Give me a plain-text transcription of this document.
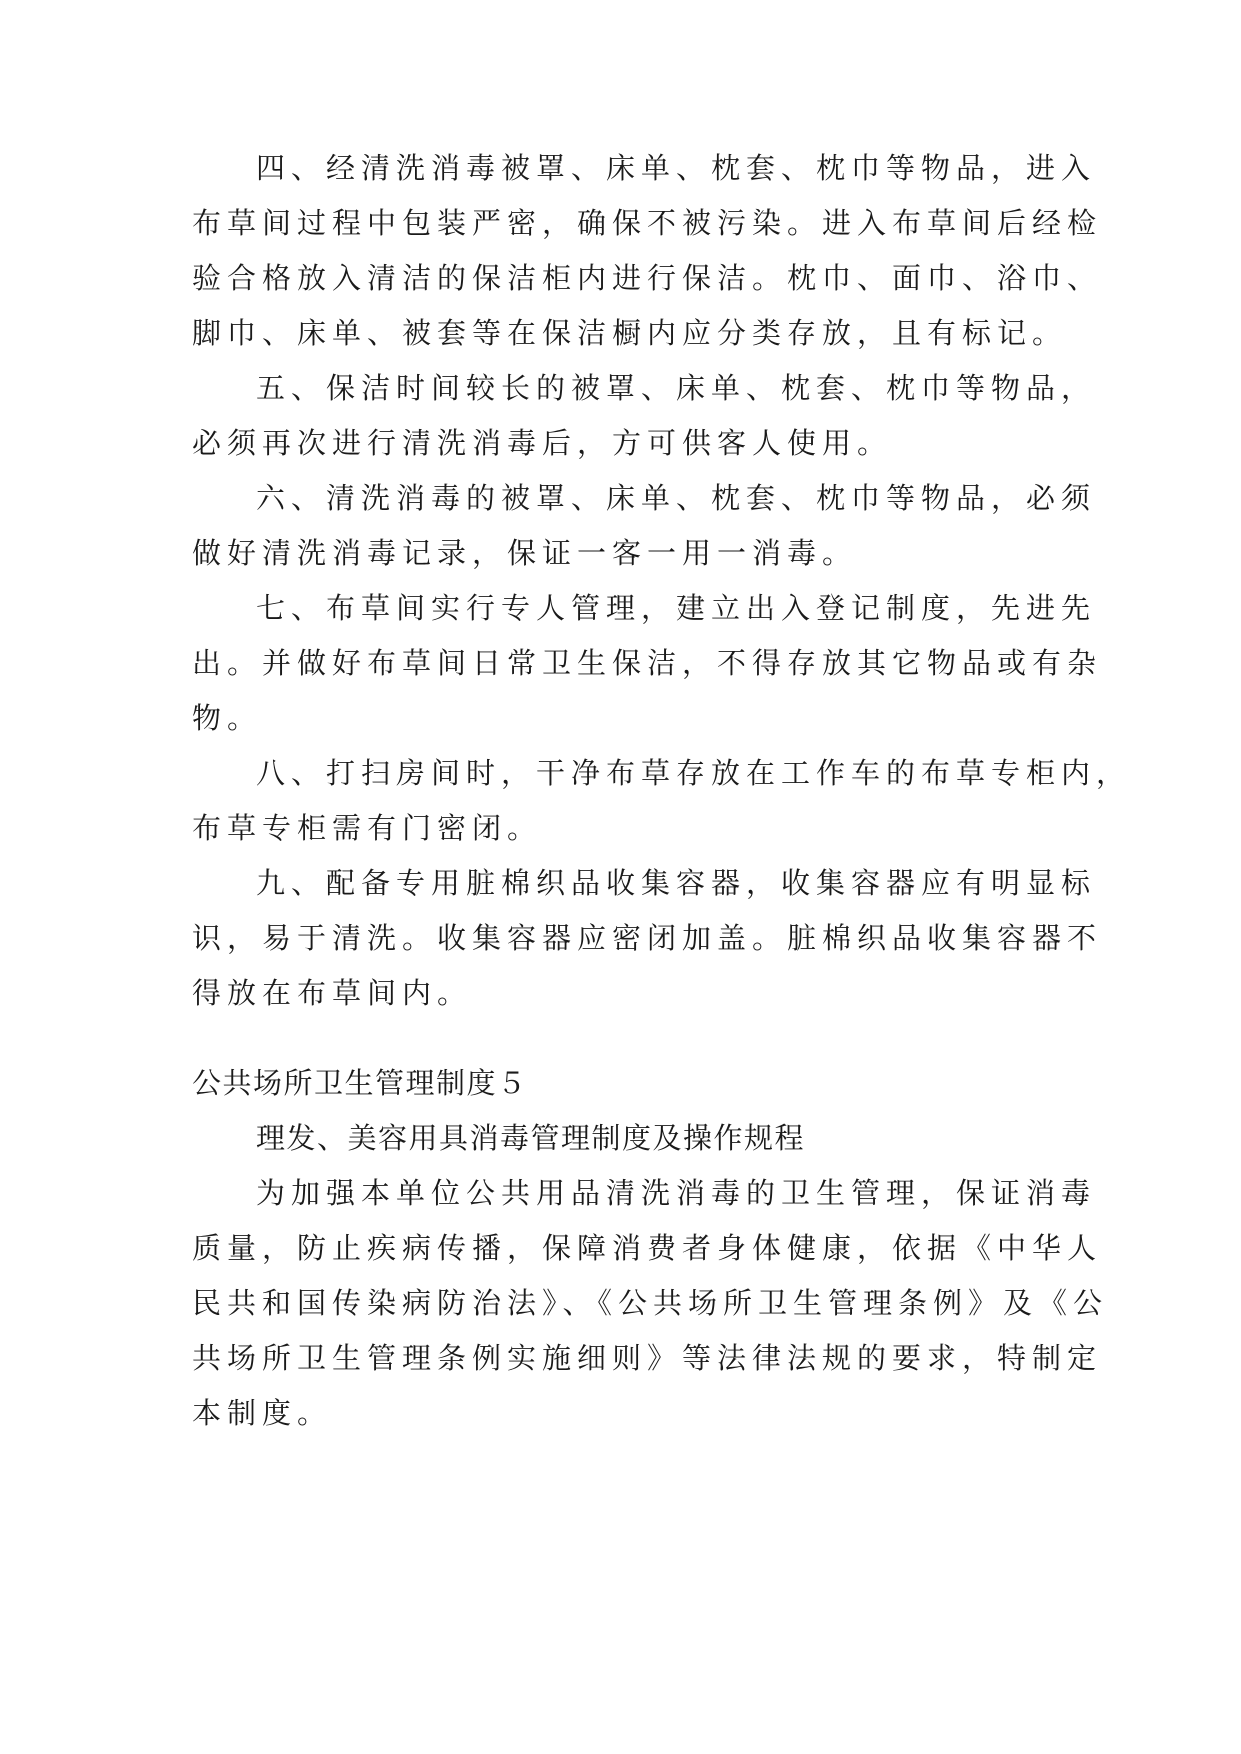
四、经清洗消毒被罩、床单、枕套、枕巾等物品，进入

布草间过程中包装严密，确保不被污染。进入布草间后经检

验合格放入清洁的保洁柜内进行保洁。枕巾、面巾、浴巾、

脚巾、床单、被套等在保洁橱内应分类存放，且有标记。

五、保洁时间较长的被罩、床单、枕套、枕巾等物品，

必须再次进行清洗消毒后，方可供客人使用。

六、清洗消毒的被罩、床单、枕套、枕巾等物品，必须

做好清洗消毒记录，保证一客一用一消毒。

七、布草间实行专人管理，建立出入登记制度，先进先

出。并做好布草间日常卫生保洁，不得存放其它物品或有杂

物。

八、打扫房间时，干净布草存放在工作车的布草专柜内，

布草专柜需有门密闭。

九、配备专用脏棉织品收集容器，收集容器应有明显标

识，易于清洗。收集容器应密闭加盖。脏棉织品收集容器不

得放在布草间内。

公共场所卫生管理制度５

理发、美容用具消毒管理制度及操作规程

为加强本单位公共用品清洗消毒的卫生管理，保证消毒

质量，防止疾病传播，保障消费者身体健康，依据《中华人

民共和国传染病防治法》、《公共场所卫生管理条例》及《公

共场所卫生管理条例实施细则》等法律法规的要求，特制定

本制度。
